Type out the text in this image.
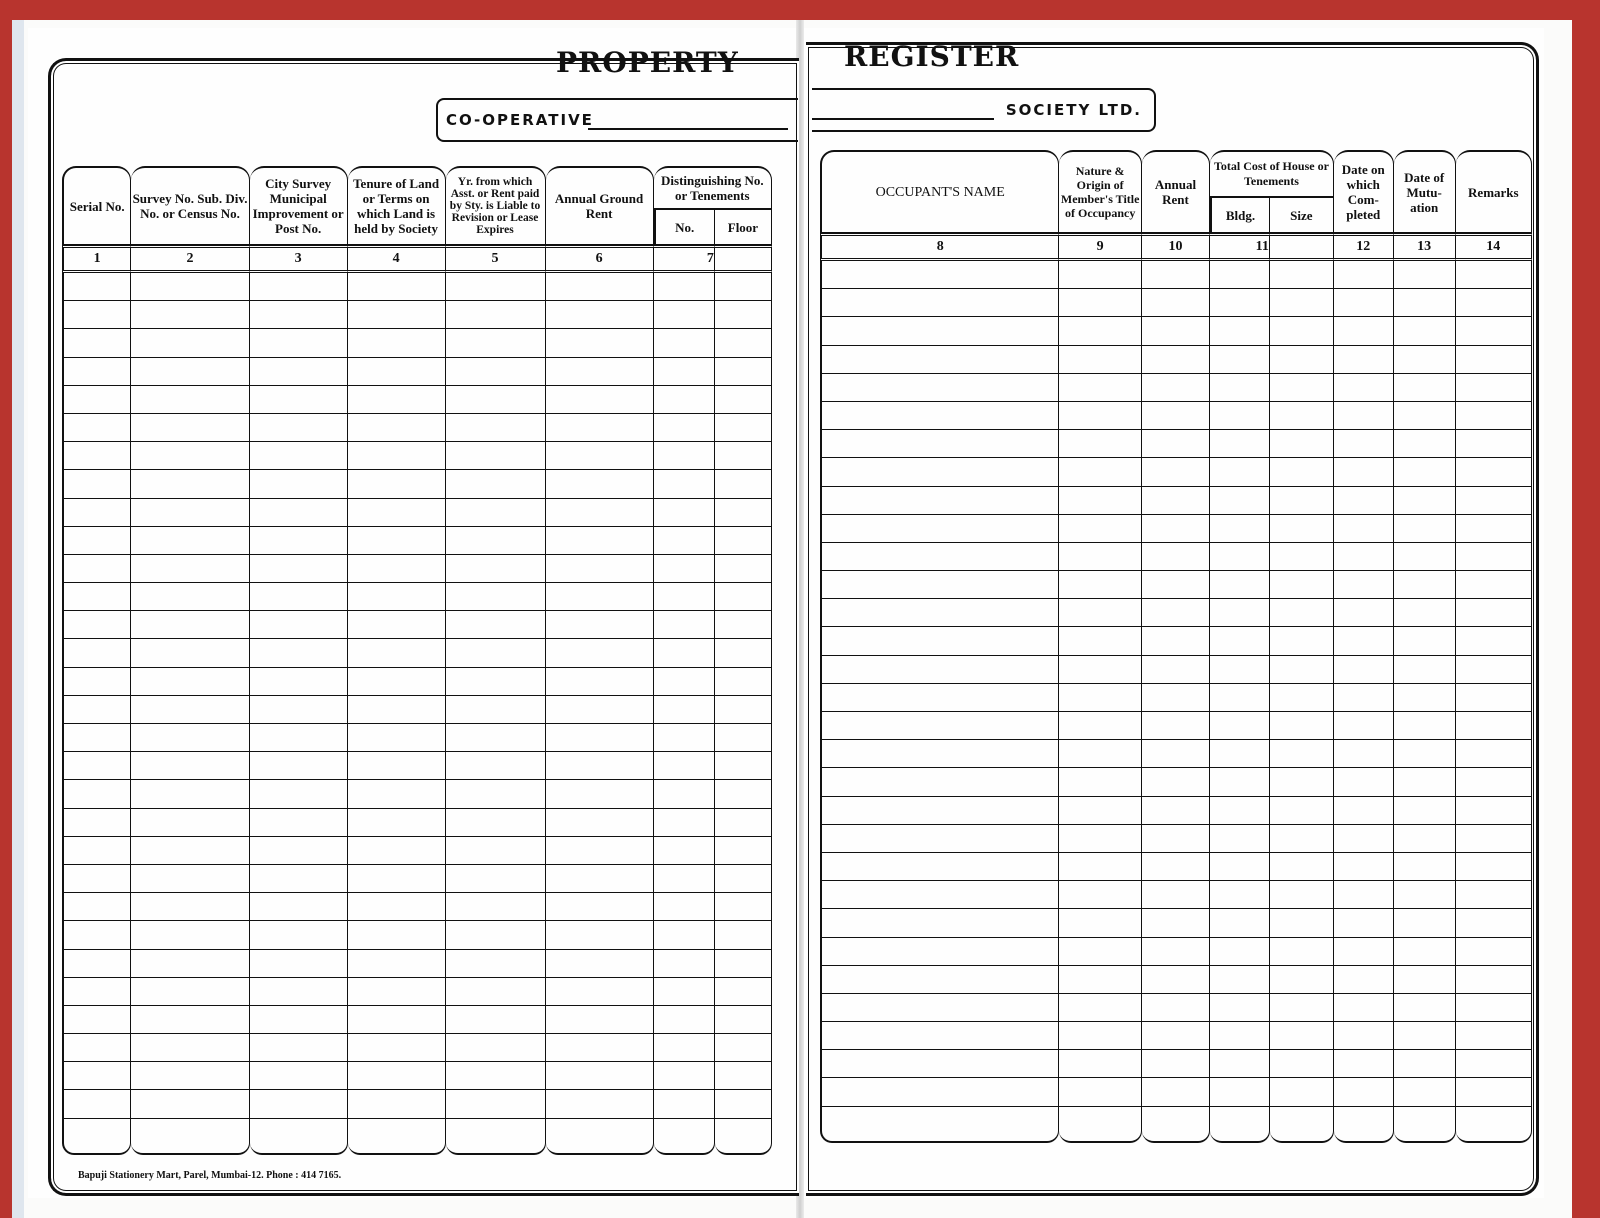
PROPERTY	REGISTER
CO-OPERATIVE
SOCIETY LTD.
Serial No.	Survey No. Sub. Div. No. or Census No.	City Survey Municipal Improvement or Post No.	Tenure of Land or Terms on which Land is held by Society	Yr. from which Asst. or Rent paid by Sty. is Liable to Revision or Lease Expires	Annual Ground Rent	Distinguishing No. or Tenements	
						No.	Floor
1	2	3	4	5	6	7	

OCCUPANT'S NAME	Nature & Origin of Member's Title of Occupancy	Annual Rent	Total Cost of House or Tenements		Date on which Com- pleted	Date of Mutu- ation	Remarks
			Bldg.	Size			
8	9	10	11		12	13	14

Bapuji Stationery Mart, Parel, Mumbai-12. Phone : 414 7165.
